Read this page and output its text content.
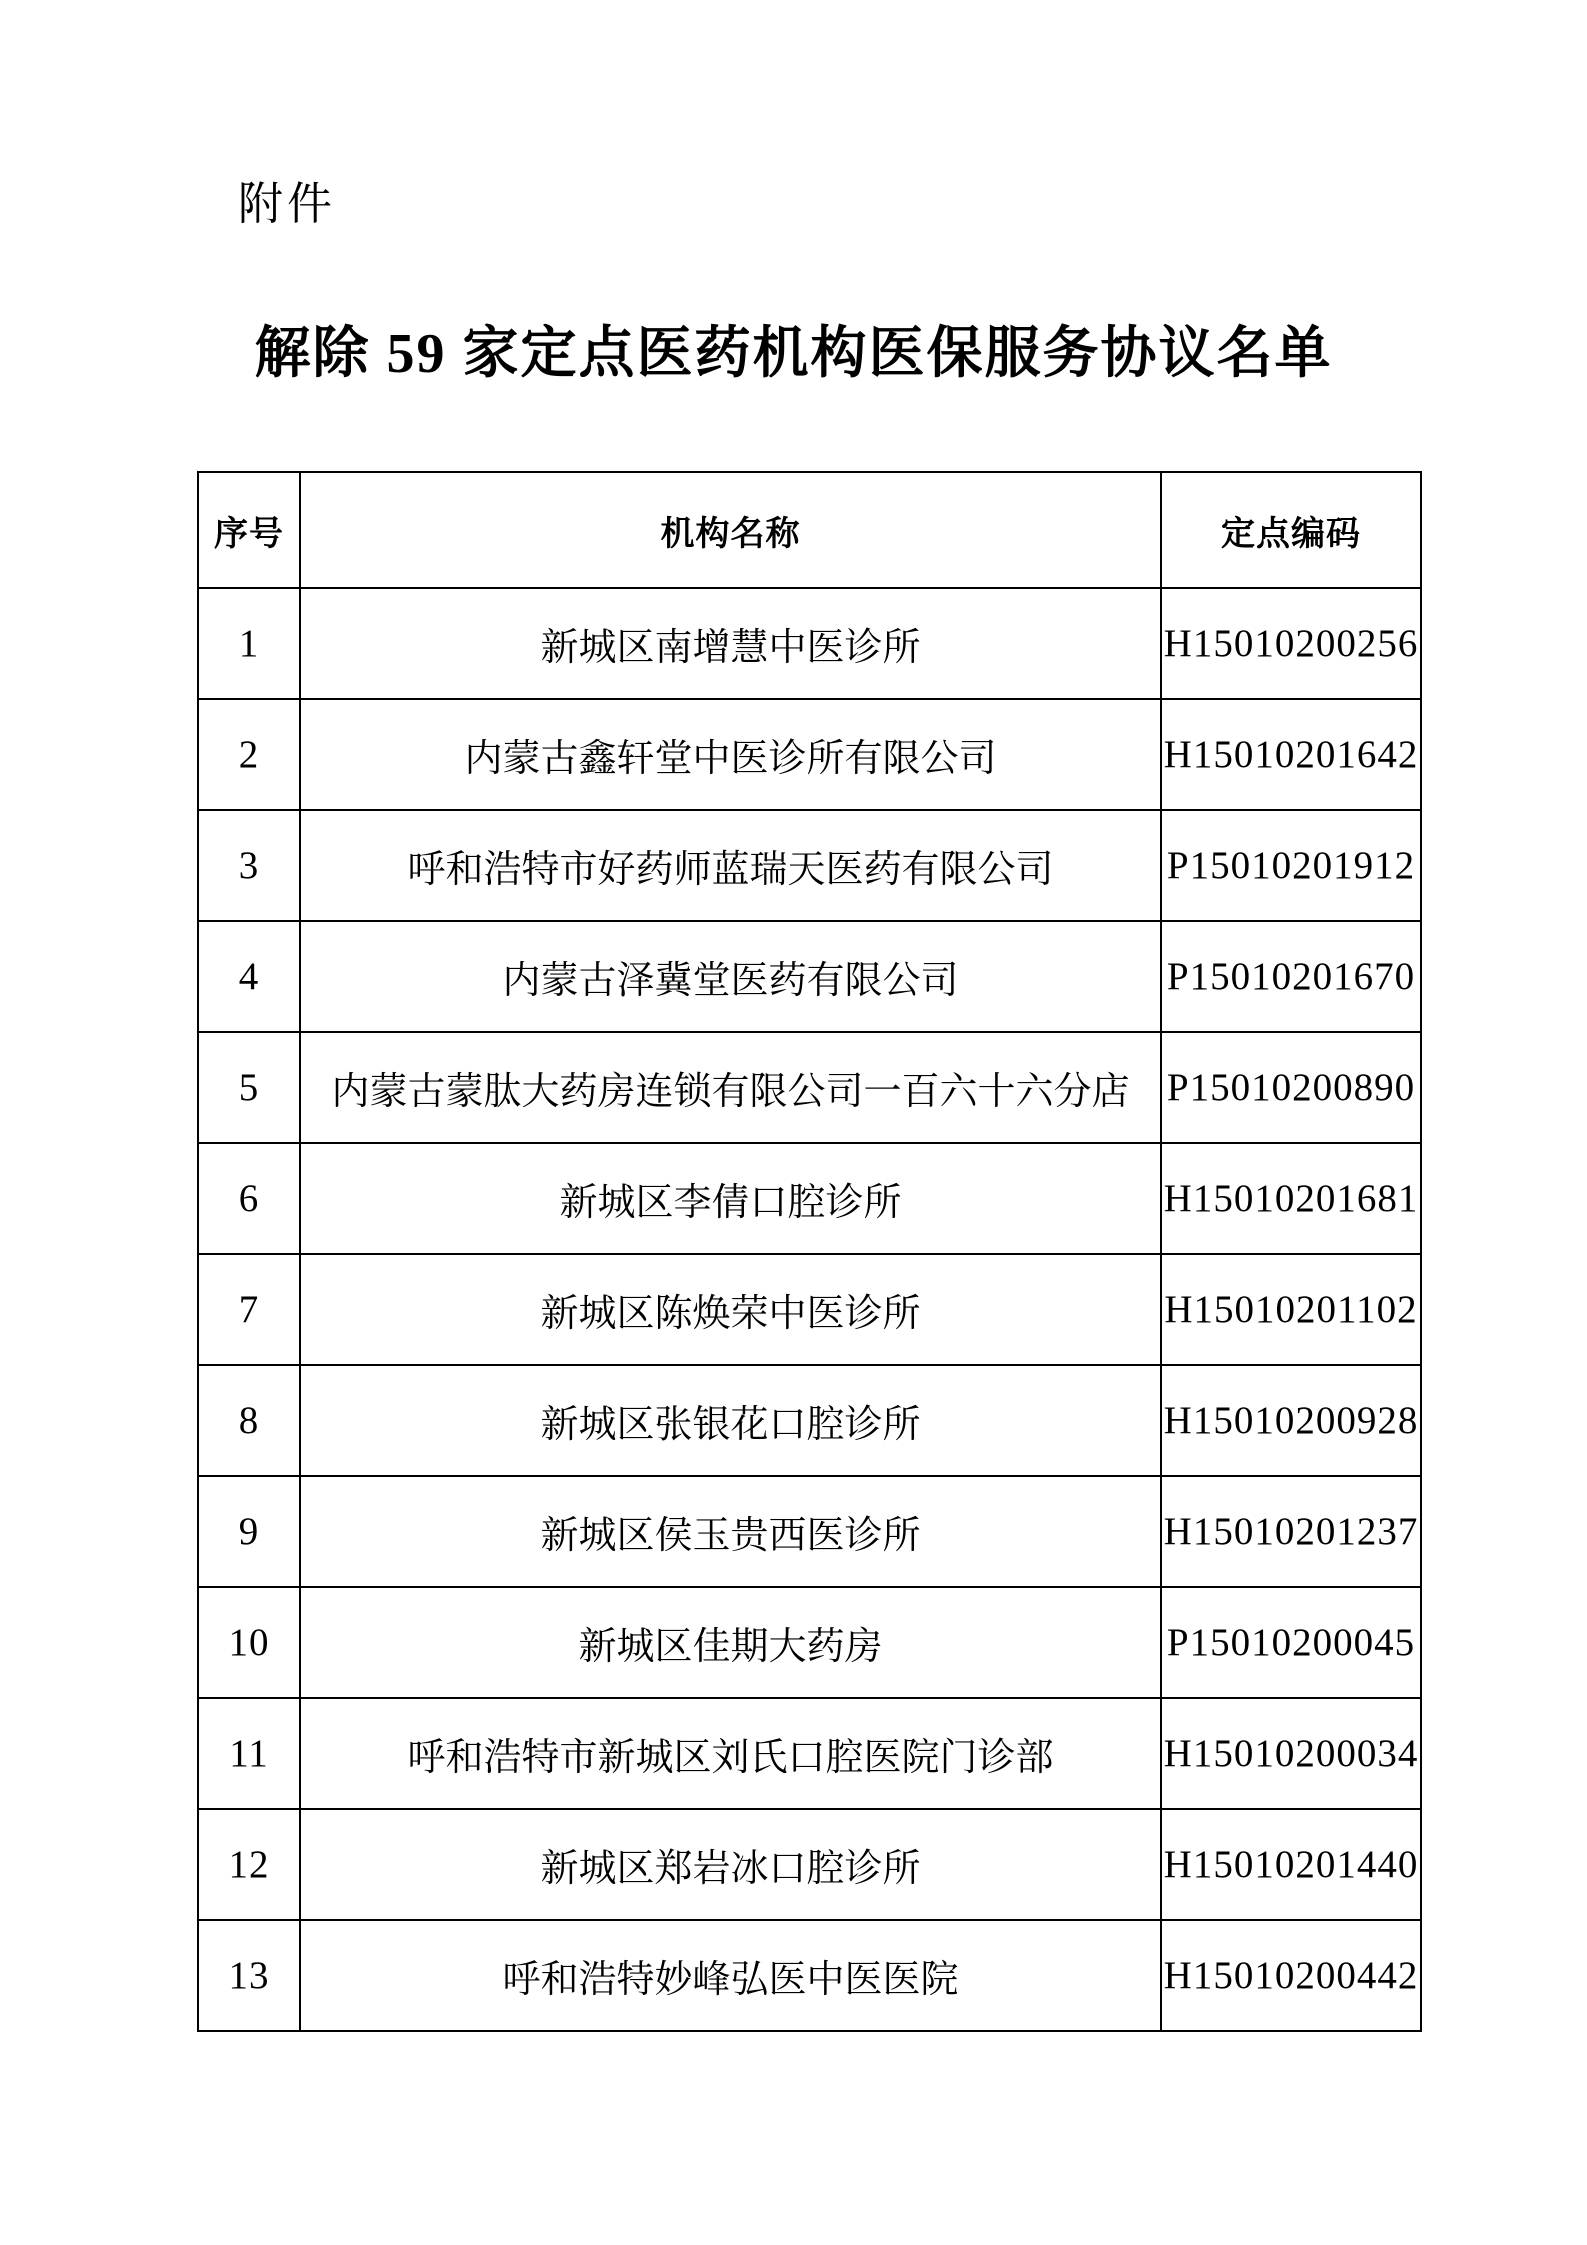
附件
解除 59 家定点医药机构医保服务协议名单
序号	机构名称	定点编码
1	新城区南增慧中医诊所	H15010200256
2	内蒙古鑫轩堂中医诊所有限公司	H15010201642
3	呼和浩特市好药师蓝瑞天医药有限公司	P15010201912
4	内蒙古泽冀堂医药有限公司	P15010201670
5	内蒙古蒙肽大药房连锁有限公司一百六十六分店	P15010200890
6	新城区李倩口腔诊所	H15010201681
7	新城区陈焕荣中医诊所	H15010201102
8	新城区张银花口腔诊所	H15010200928
9	新城区侯玉贵西医诊所	H15010201237
10	新城区佳期大药房	P15010200045
11	呼和浩特市新城区刘氏口腔医院门诊部	H15010200034
12	新城区郑岩冰口腔诊所	H15010201440
13	呼和浩特妙峰弘医中医医院	H15010200442
